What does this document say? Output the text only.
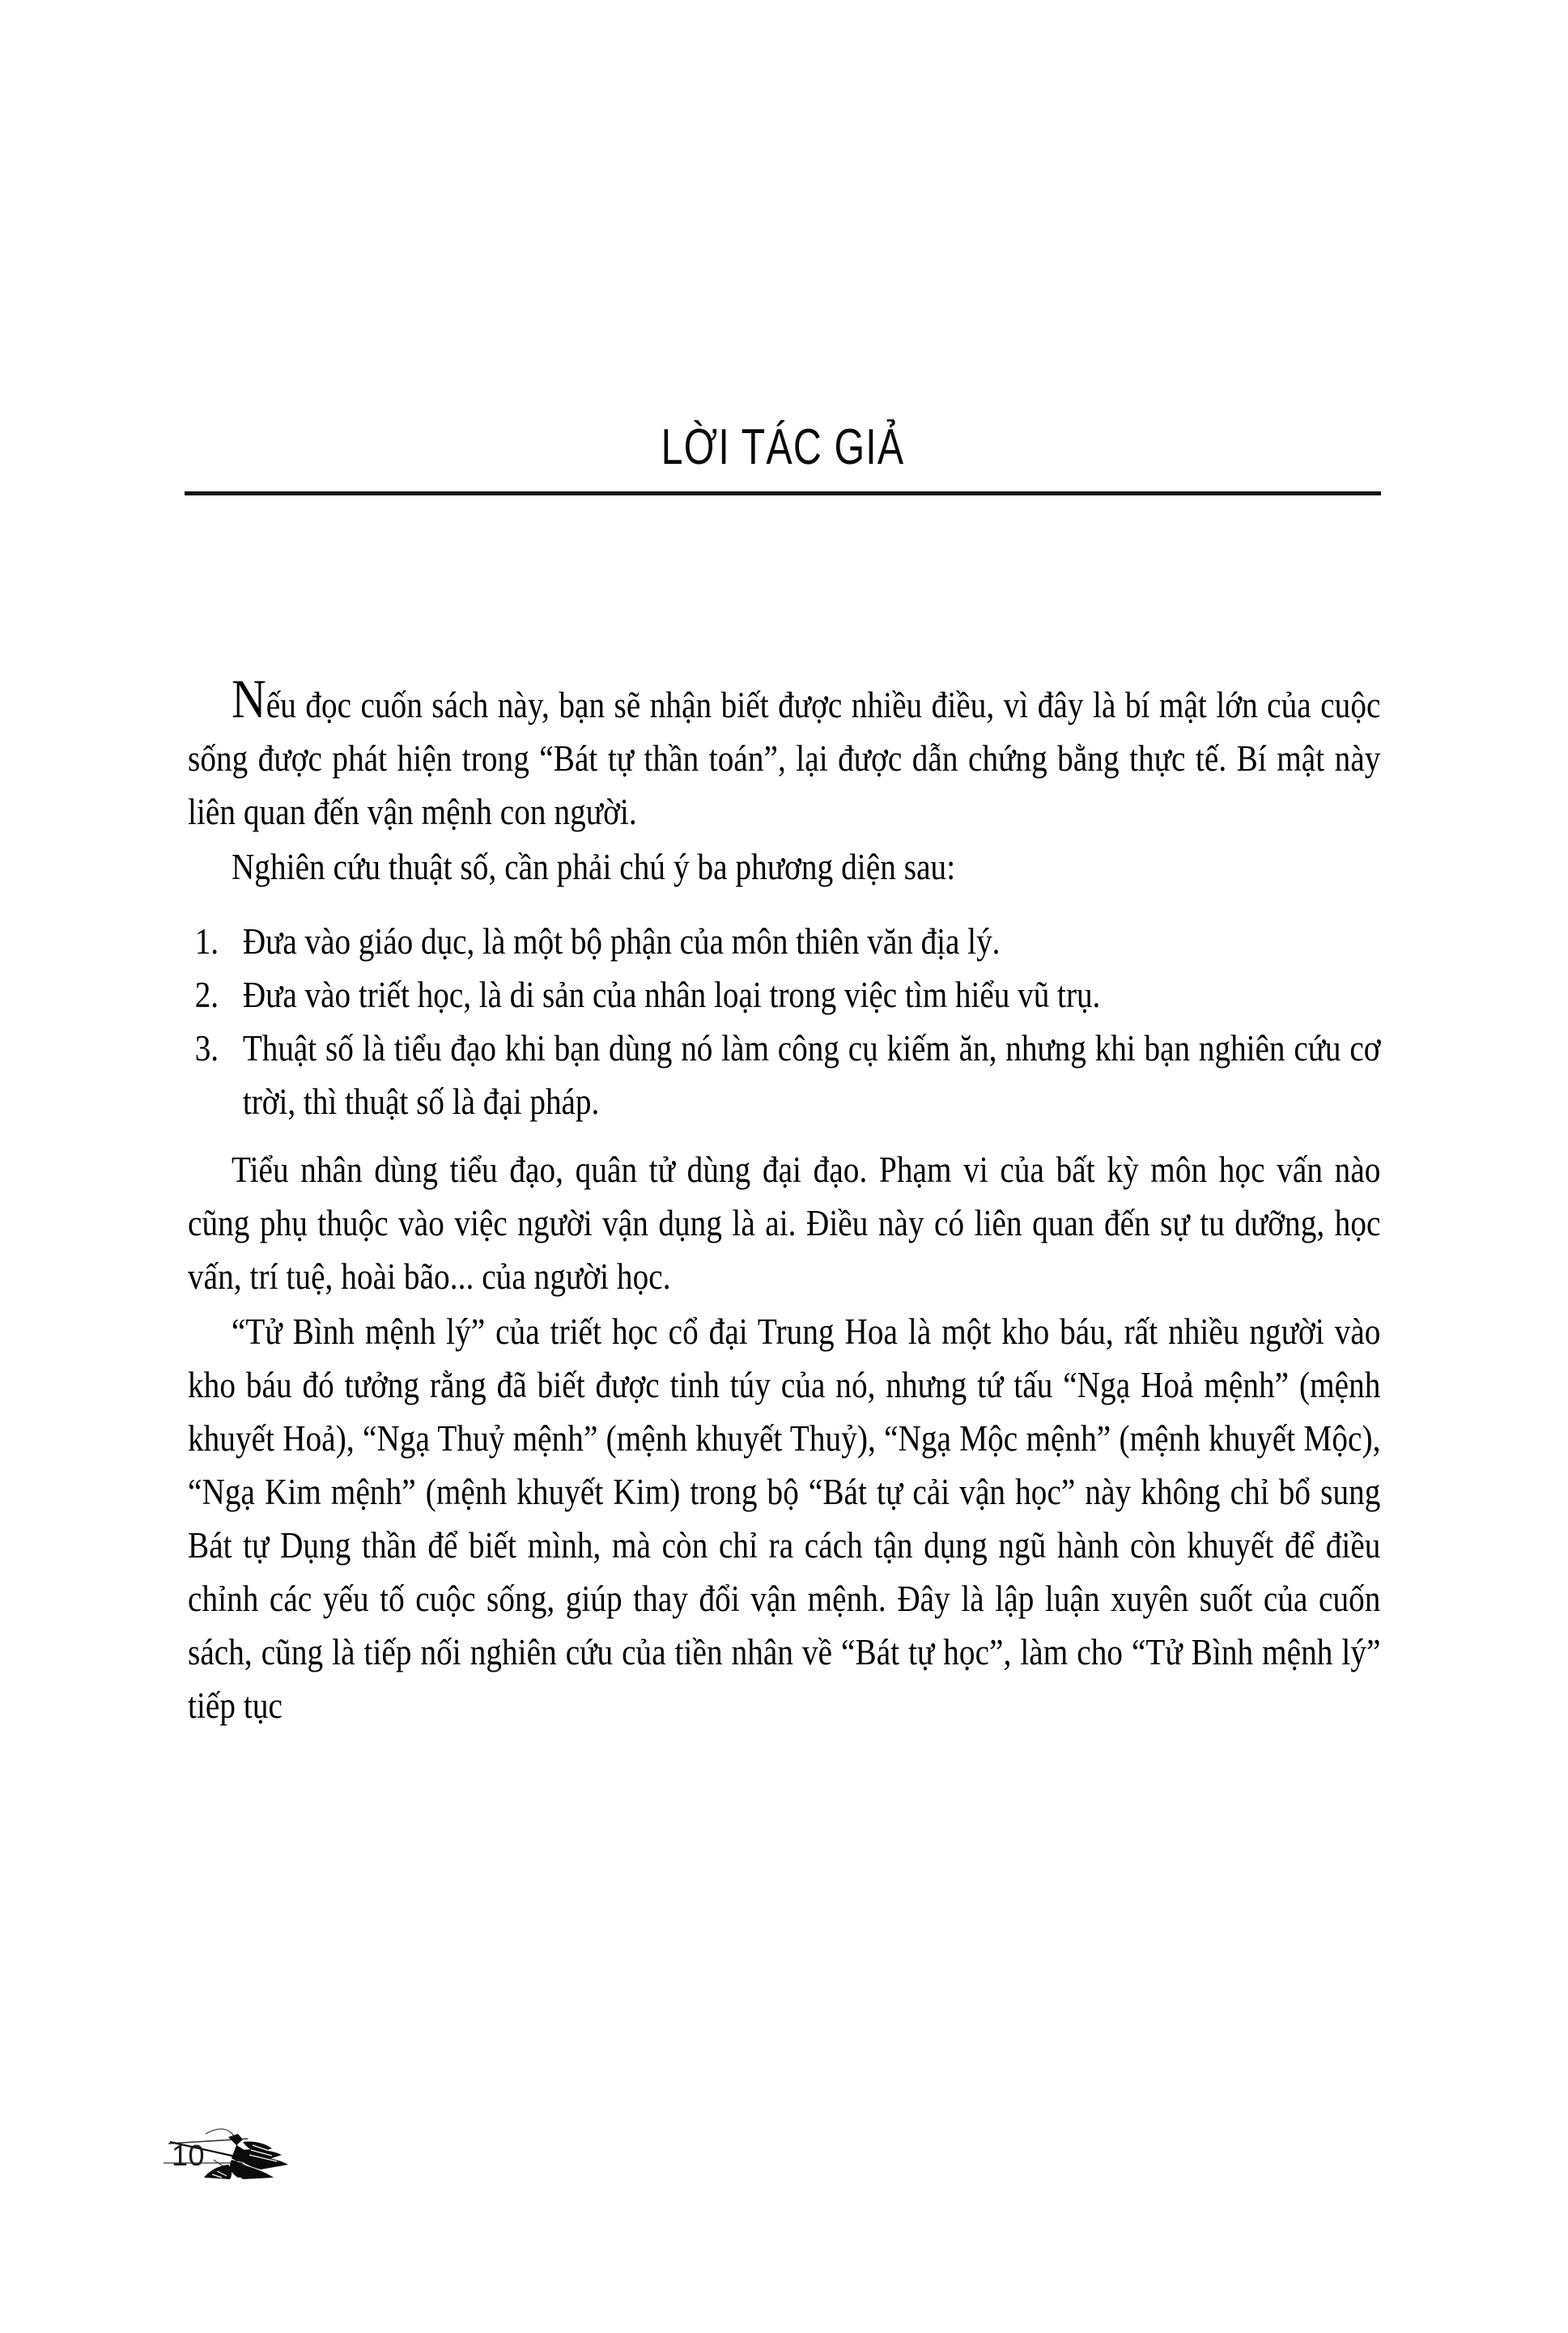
LỜI TÁC GIẢ

Nếu đọc cuốn sách này, bạn sẽ nhận biết được nhiều điều, vì đây là bí mật lớn của cuộc sống được phát hiện trong “Bát tự thần toán”, lại được dẫn chứng bằng thực tế. Bí mật này liên quan đến vận mệnh con người.

Nghiên cứu thuật số, cần phải chú ý ba phương diện sau:

1. Đưa vào giáo dục, là một bộ phận của môn thiên văn địa lý.
2. Đưa vào triết học, là di sản của nhân loại trong việc tìm hiểu vũ trụ.
3. Thuật số là tiểu đạo khi bạn dùng nó làm công cụ kiếm ăn, nhưng khi bạn nghiên cứu cơ trời, thì thuật số là đại pháp.

Tiểu nhân dùng tiểu đạo, quân tử dùng đại đạo. Phạm vi của bất kỳ môn học vấn nào cũng phụ thuộc vào việc người vận dụng là ai. Điều này có liên quan đến sự tu dưỡng, học vấn, trí tuệ, hoài bão... của người học.

“Tử Bình mệnh lý” của triết học cổ đại Trung Hoa là một kho báu, rất nhiều người vào kho báu đó tưởng rằng đã biết được tinh túy của nó, nhưng tứ tấu “Ngạ Hoả mệnh” (mệnh khuyết Hoả), “Ngạ Thuỷ mệnh” (mệnh khuyết Thuỷ), “Ngạ Mộc mệnh” (mệnh khuyết Mộc), “Ngạ Kim mệnh” (mệnh khuyết Kim) trong bộ “Bát tự cải vận học” này không chỉ bổ sung Bát tự Dụng thần để biết mình, mà còn chỉ ra cách tận dụng ngũ hành còn khuyết để điều chỉnh các yếu tố cuộc sống, giúp thay đổi vận mệnh. Đây là lập luận xuyên suốt của cuốn sách, cũng là tiếp nối nghiên cứu của tiền nhân về “Bát tự học”, làm cho “Tử Bình mệnh lý” tiếp tục

10
